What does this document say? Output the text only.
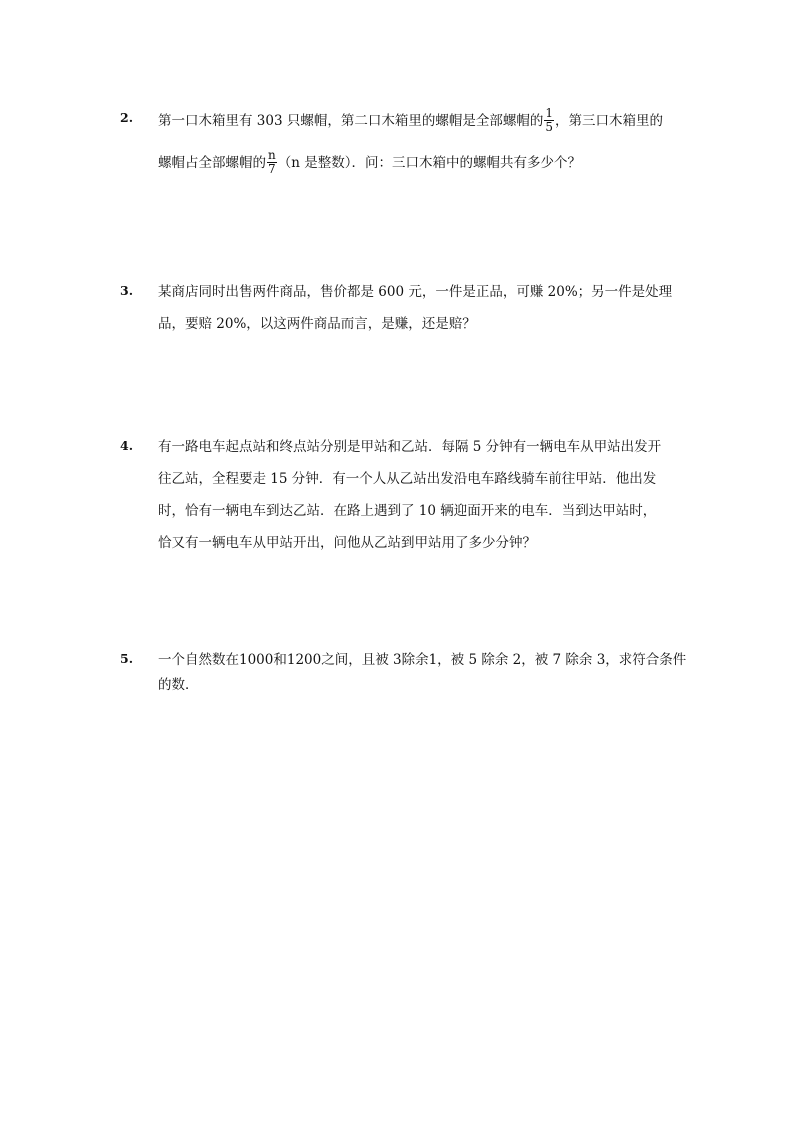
2. 第一口木箱里有 303 只螺帽，第二口木箱里的螺帽是全部螺帽的 $\frac{1}{5}$ ，第三口木箱里的
螺帽占全部螺帽的 $\frac{n}{7} (n$ 是整数）．问：三口木箱中的螺帽共有多少个？
3. 某商店同时出售两件商品，售价都是 600 元，一件是正品，可赚 20%；另一件是处理
品，要赔 20%，以这两件商品而言，是赚，还是赔？
4. 有一路电车起点站和终点站分别是甲站和乙站．每隔 5 分钟有一辆电车从甲站出发开
往乙站，全程要走 15 分钟．有一个人从乙站出发沿电车路线骑车前往甲站．他出发
时，恰有一辆电车到达乙站．在路上遇到了 10 辆迎面开来的电车．当到达甲站时，
恰又有一辆电车从甲站开出，问他从乙站到甲站用了多少分钟？
5. 一个自然数在1000和1200之间，且被 3除余1，被 5 除余 2，被 7 除余 3，求符合条件
的数．
